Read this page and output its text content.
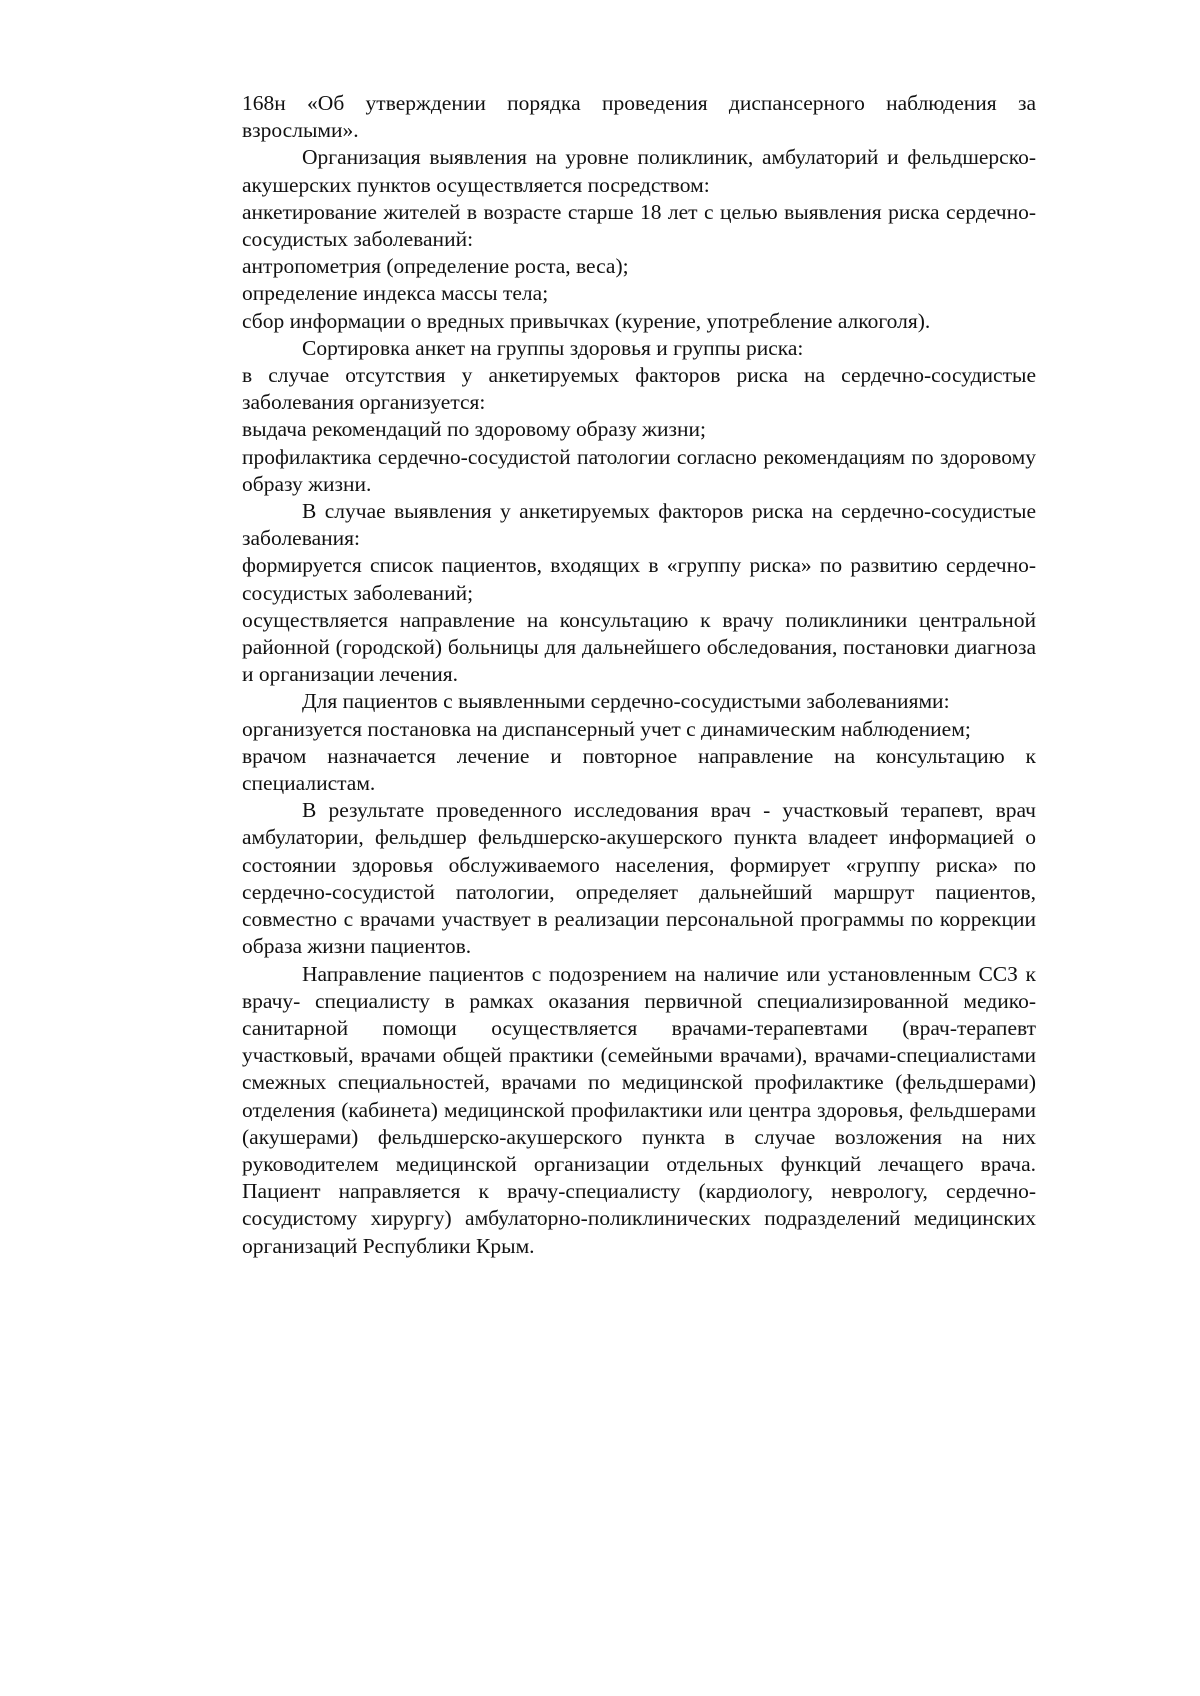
168н «Об утверждении порядка проведения диспансерного наблюдения за взрослыми».

Организация выявления на уровне поликлиник, амбулаторий и фельдшерско-акушерских пунктов осуществляется посредством:

анкетирование жителей в возрасте старше 18 лет с целью выявления риска сердечно-сосудистых заболеваний:

антропометрия (определение роста, веса);

определение индекса массы тела;

сбор информации о вредных привычках (курение, употребление алкоголя).

Сортировка анкет на группы здоровья и группы риска:

в случае отсутствия у анкетируемых факторов риска на сердечно-сосудистые заболевания организуется:

выдача рекомендаций по здоровому образу жизни;

профилактика сердечно-сосудистой патологии согласно рекомендациям по здоровому образу жизни.

В случае выявления у анкетируемых факторов риска на сердечно-сосудистые заболевания:

формируется список пациентов, входящих в «группу риска» по развитию сердечно-сосудистых заболеваний;

осуществляется направление на консультацию к врачу поликлиники центральной районной (городской) больницы для дальнейшего обследования, постановки диагноза и организации лечения.

Для пациентов с выявленными сердечно-сосудистыми заболеваниями:

организуется постановка на диспансерный учет с динамическим наблюдением;

врачом назначается лечение и повторное направление на консультацию к специалистам.

В результате проведенного исследования врач - участковый терапевт, врач амбулатории, фельдшер фельдшерско-акушерского пункта владеет информацией о состоянии здоровья обслуживаемого населения, формирует «группу риска» по сердечно-сосудистой патологии, определяет дальнейший маршрут пациентов, совместно с врачами участвует в реализации персональной программы по коррекции образа жизни пациентов.

Направление пациентов с подозрением на наличие или установленным ССЗ к врачу- специалисту в рамках оказания первичной специализированной медико-санитарной помощи осуществляется врачами-терапевтами (врач-терапевт участковый, врачами общей практики (семейными врачами), врачами-специалистами смежных специальностей, врачами по медицинской профилактике (фельдшерами) отделения (кабинета) медицинской профилактики или центра здоровья, фельдшерами (акушерами) фельдшерско-акушерского пункта в случае возложения на них руководителем медицинской организации отдельных функций лечащего врача. Пациент направляется к врачу-специалисту (кардиологу, неврологу, сердечно-сосудистому хирургу) амбулаторно-поликлинических подразделений медицинских организаций Республики Крым.
